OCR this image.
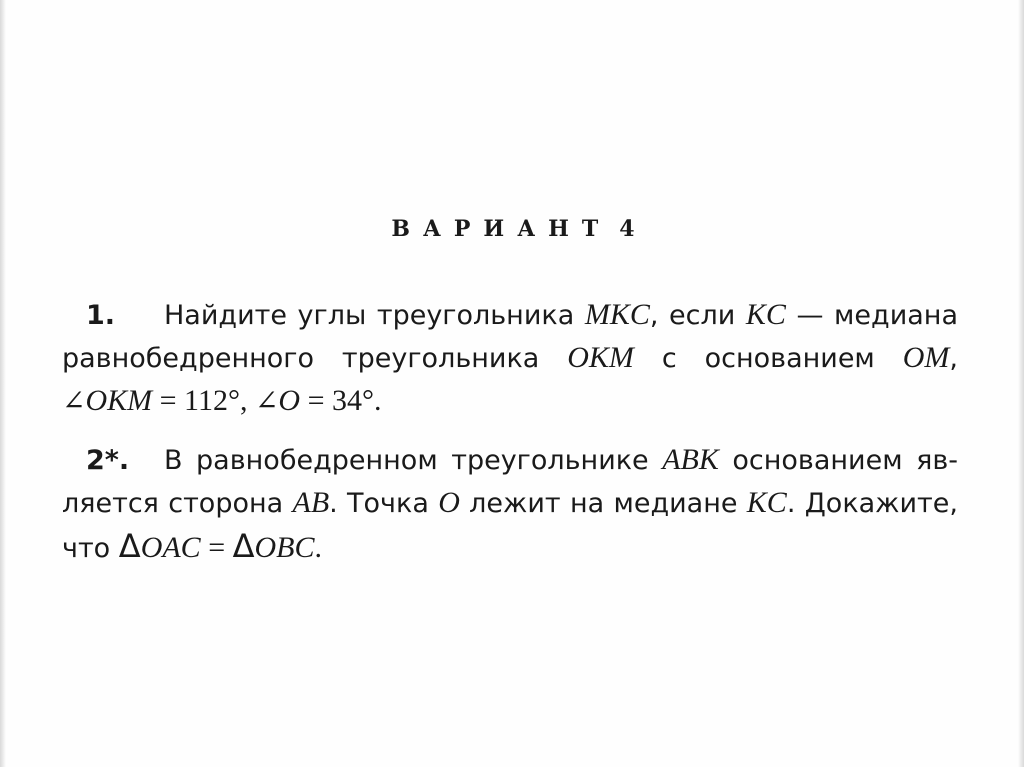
ВАРИАНТ 4
1. Найдите углы треугольника MKC, если KC — медиана равнобедренного треугольника OKM с основанием OM, ∠OKM = 112°, ∠O = 34°.
2*. В равнобедренном треугольнике ABK основанием яв-ляется сторона AB. Точка O лежит на медиане KC. Докажите, что ΔOAC = ΔOBC.
